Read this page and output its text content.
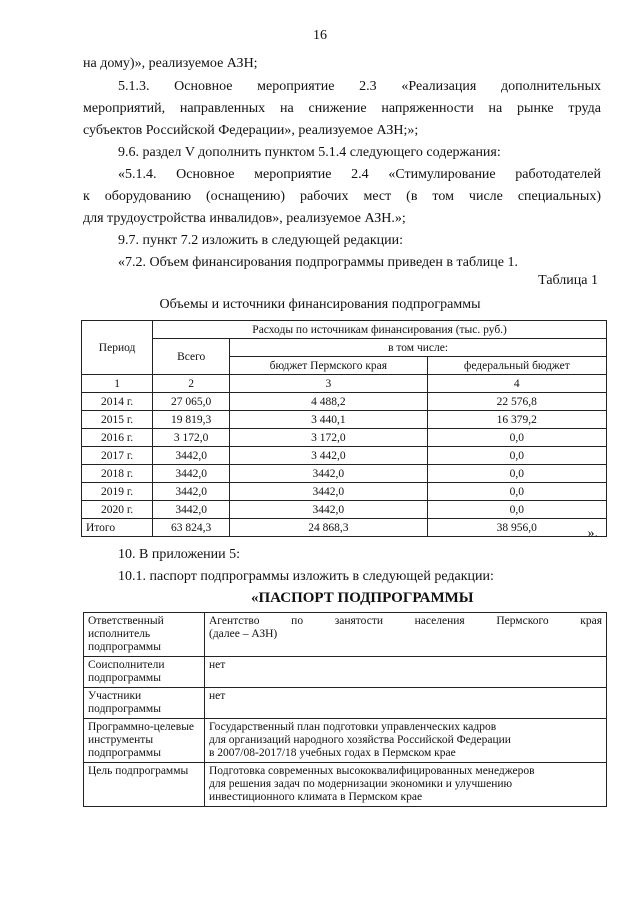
16
на дому)», реализуемое АЗН;
5.1.3. Основное мероприятие 2.3 «Реализация дополнительных
мероприятий, направленных на снижение напряженности на рынке труда
субъектов Российской Федерации», реализуемое АЗН;»;
9.6. раздел V дополнить пунктом 5.1.4 следующего содержания:
«5.1.4. Основное мероприятие 2.4 «Стимулирование работодателей
к оборудованию (оснащению) рабочих мест (в том числе специальных)
для трудоустройства инвалидов», реализуемое АЗН.»;
9.7. пункт 7.2 изложить в следующей редакции:
«7.2. Объем финансирования подпрограммы приведен в таблице 1.
Таблица 1
Объемы и источники финансирования подпрограммы
Период	Расходы по источникам финансирования (тыс. руб.)		
	Всего	в том числе:	
		бюджет Пермского края	федеральный бюджет
1	2	3	4
2014 г.	27 065,0	4 488,2	22 576,8
2015 г.	19 819,3	3 440,1	16 379,2
2016 г.	3 172,0	3 172,0	0,0
2017 г.	3442,0	3 442,0	0,0
2018 г.	3442,0	3442,0	0,0
2019 г.	3442,0	3442,0	0,0
2020 г.	3442,0	3442,0	0,0
Итого	63 824,3	24 868,3	38 956,0	».
10. В приложении 5:
10.1. паспорт подпрограммы изложить в следующей редакции:
«ПАСПОРТ ПОДПРОГРАММЫ
Ответственный исполнитель подпрограммы	Агентство по занятости населения Пермского края
(далее – АЗН)
Соисполнители подпрограммы	нет
Участники подпрограммы	нет
Программно-целевые инструменты подпрограммы	Государственный план подготовки управленческих кадров
для организаций народного хозяйства Российской Федерации
в 2007/08-2017/18 учебных годах в Пермском крае

Цель подпрограммы	Подготовка современных высококвалифицированных менеджеров
для решения задач по модернизации экономики и улучшению
инвестиционного климата в Пермском крае
